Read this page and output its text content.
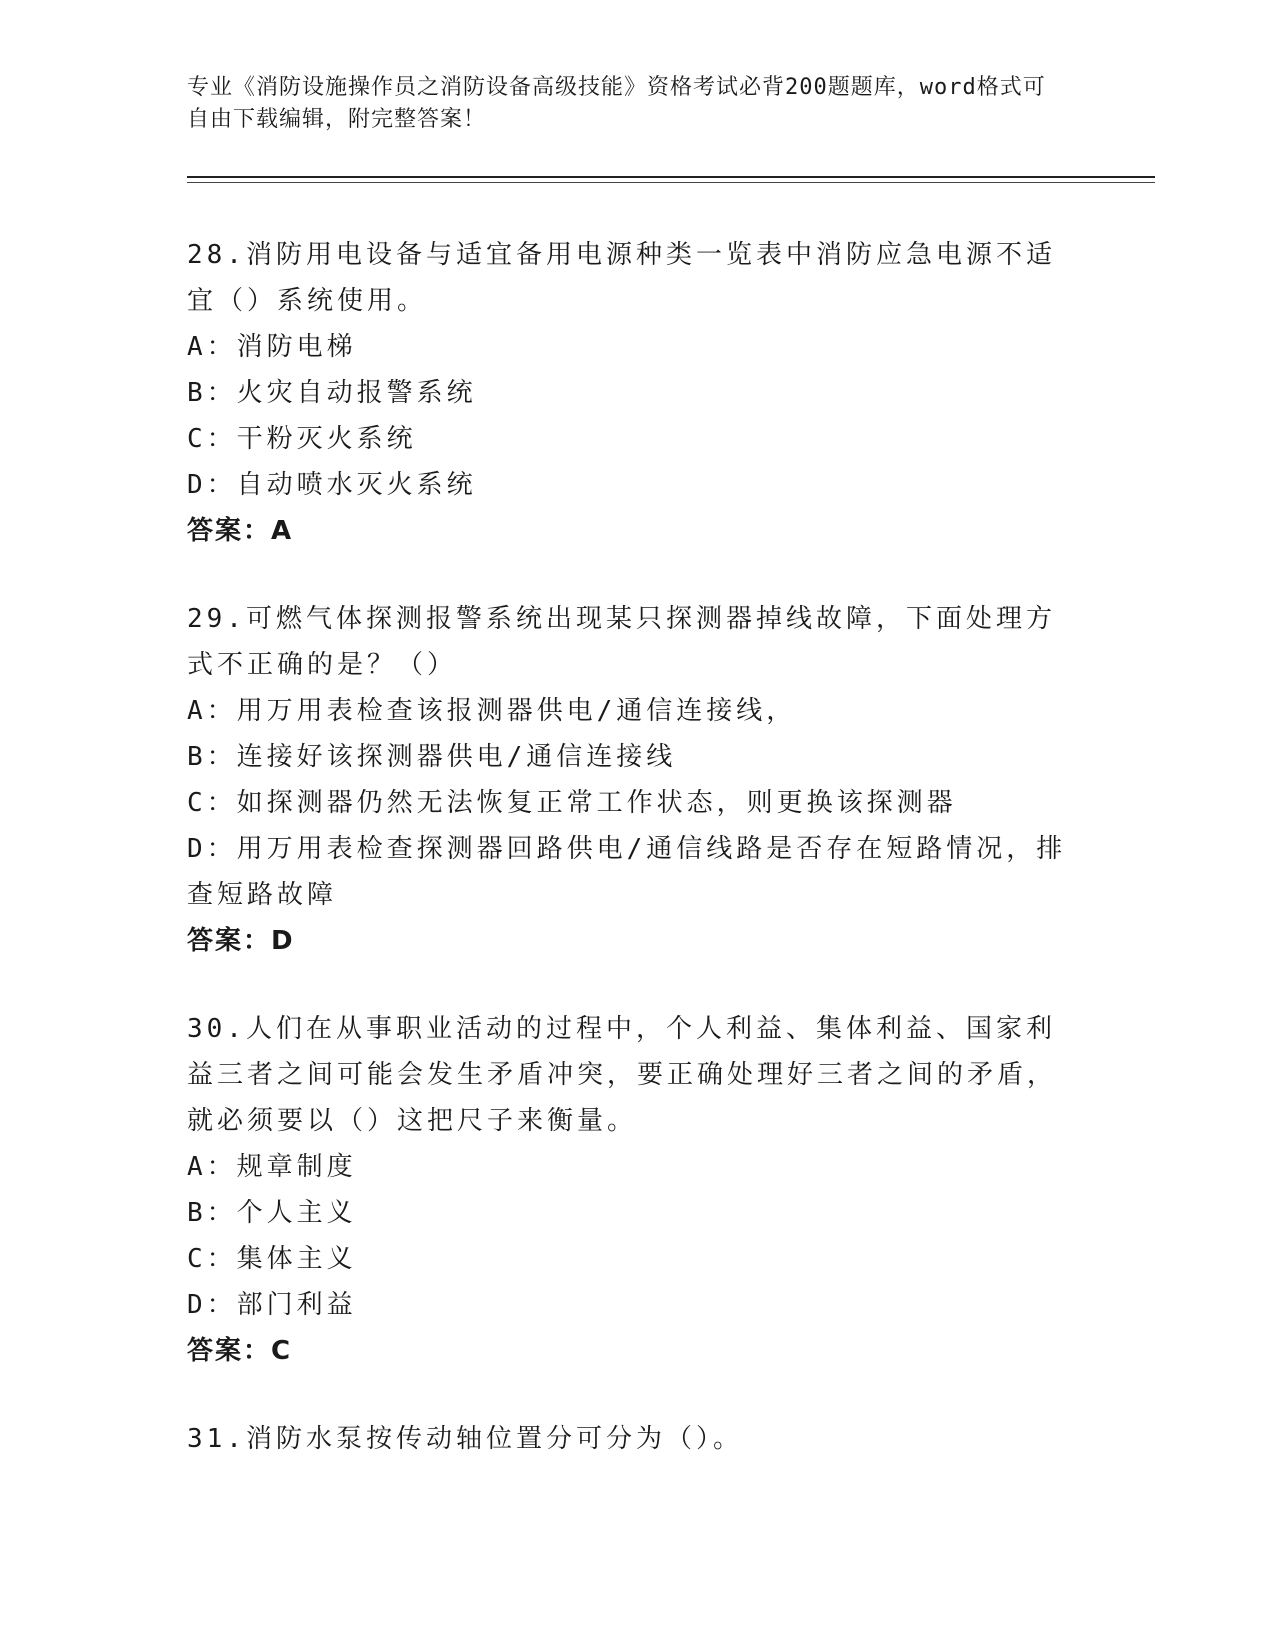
专业《消防设施操作员之消防设备高级技能》资格考试必背200题题库，word格式可自由下载编辑，附完整答案！

28.消防用电设备与适宜备用电源种类一览表中消防应急电源不适宜（）系统使用。

A：消防电梯

B：火灾自动报警系统

C：干粉灭火系统

D：自动喷水灭火系统

答案：A

29.可燃气体探测报警系统出现某只探测器掉线故障，下面处理方式不正确的是？（）

A：用万用表检查该报测器供电/通信连接线，

B：连接好该探测器供电/通信连接线

C：如探测器仍然无法恢复正常工作状态，则更换该探测器

D：用万用表检查探测器回路供电/通信线路是否存在短路情况，排查短路故障

答案：D

30.人们在从事职业活动的过程中，个人利益、集体利益、国家利益三者之间可能会发生矛盾冲突，要正确处理好三者之间的矛盾，就必须要以（）这把尺子来衡量。

A：规章制度

B：个人主义

C：集体主义

D：部门利益

答案：C

31.消防水泵按传动轴位置分可分为（）。
